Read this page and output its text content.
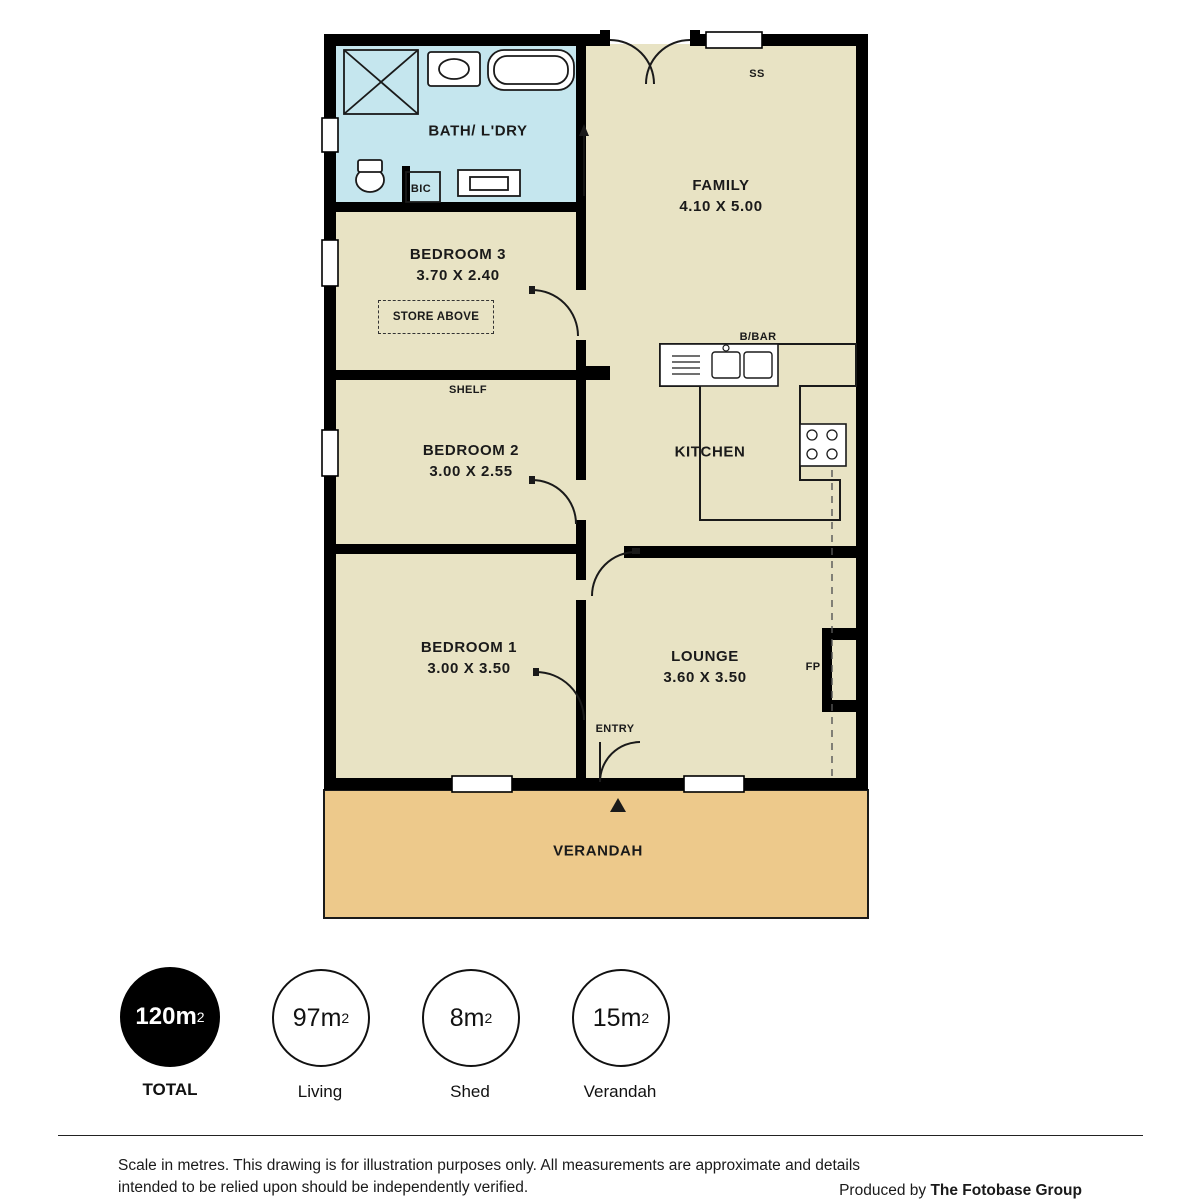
BATH/ L'DRY
FAMILY
4.10 X 5.00
BEDROOM 3
3.70 X 2.40
BEDROOM 2
3.00 X 2.55
KITCHEN
BEDROOM 1
3.00 X 3.50
LOUNGE
3.60 X 3.50
VERANDAH
SS
BIC
STORE ABOVE
SHELF
B/BAR
FP
ENTRY
120m 2
TOTAL
97m 2
Living
8m 2
Shed
15m 2
Verandah
Scale in metres. This drawing is for illustration purposes only. All measurements are approximate and details intended to be relied upon should be independently verified.	Produced by The Fotobase Group
